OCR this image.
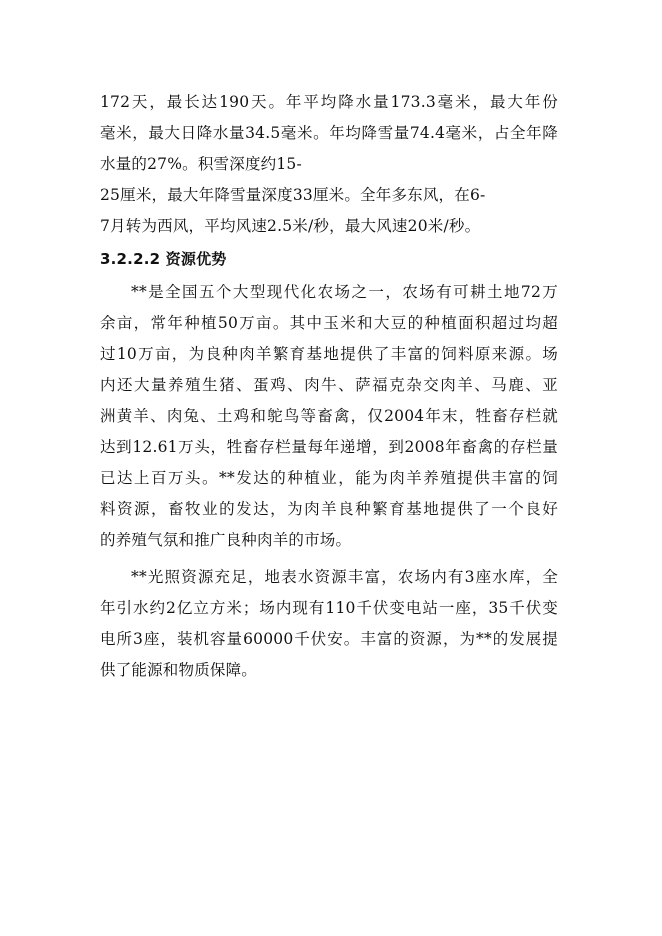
172天，最长达190天。年平均降水量173.3毫米，最大年份
毫米，最大日降水量34.5毫米。年均降雪量74.4毫米，占全年降
水量的27%。积雪深度约15-
25厘米，最大年降雪量深度33厘米。全年多东风，在6-
7月转为西风，平均风速2.5米/秒，最大风速20米/秒。
3.2.2.2 资源优势
**是全国五个大型现代化农场之一，农场有可耕土地72万
余亩，常年种植50万亩。其中玉米和大豆的种植面积超过均超
过10万亩，为良种肉羊繁育基地提供了丰富的饲料原来源。场
内还大量养殖生猪、蛋鸡、肉牛、萨福克杂交肉羊、马鹿、亚
洲黄羊、肉兔、土鸡和鸵鸟等畜禽，仅2004年末，牲畜存栏就
达到12.61万头，牲畜存栏量每年递增，到2008年畜禽的存栏量
已达上百万头。**发达的种植业，能为肉羊养殖提供丰富的饲
料资源，畜牧业的发达，为肉羊良种繁育基地提供了一个良好
的养殖气氛和推广良种肉羊的市场。
**光照资源充足，地表水资源丰富，农场内有3座水库，全
年引水约2亿立方米；场内现有110千伏变电站一座，35千伏变
电所3座，装机容量60000千伏安。丰富的资源，为**的发展提
供了能源和物质保障。
